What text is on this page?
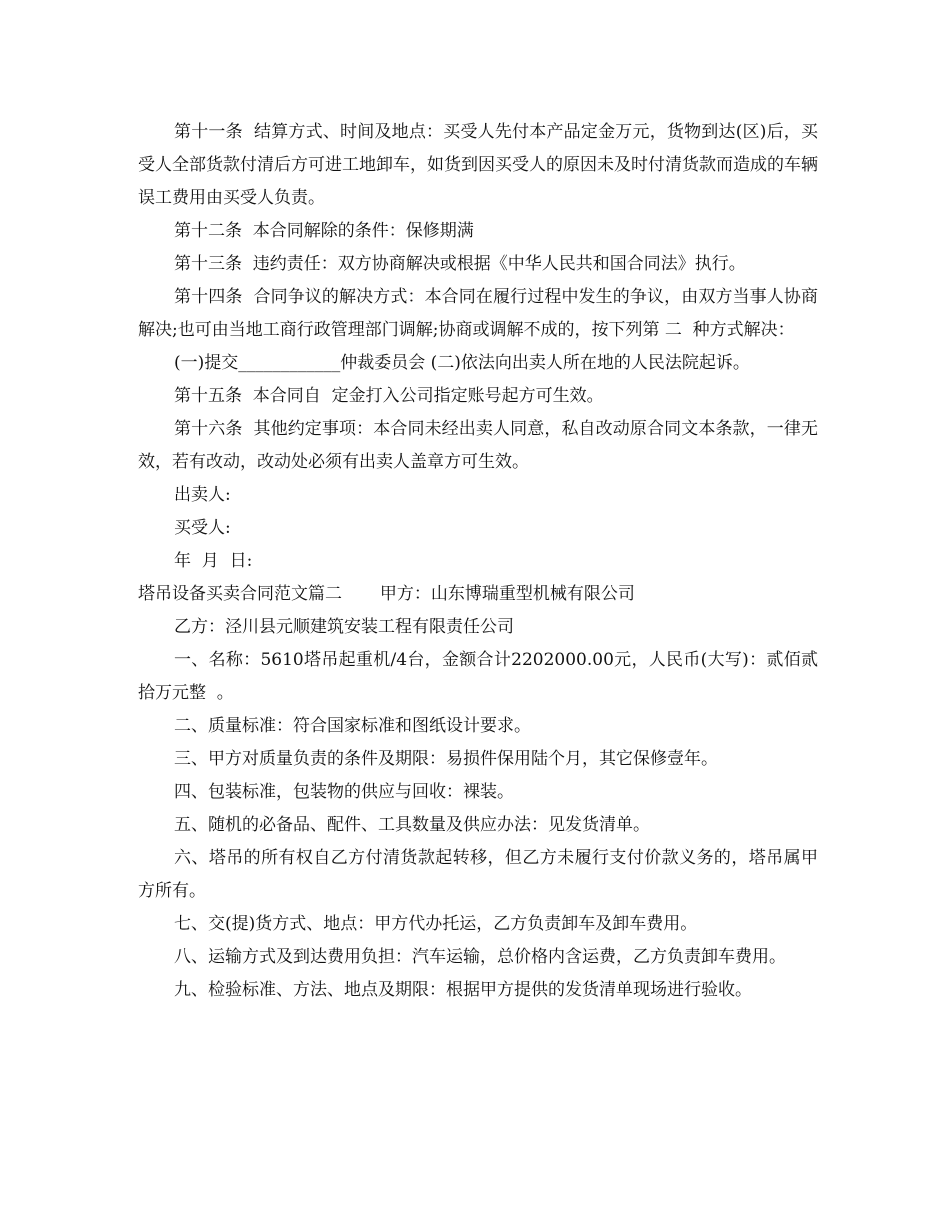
第十一条  结算方式、时间及地点：买受人先付本产品定金万元，货物到达(区)后，买受人全部货款付清后方可进工地卸车，如货到因买受人的原因未及时付清货款而造成的车辆误工费用由买受人负责。

第十二条  本合同解除的条件：保修期满

第十三条  违约责任：双方协商解决或根据《中华人民共和国合同法》执行。

第十四条  合同争议的解决方式：本合同在履行过程中发生的争议，由双方当事人协商解决;也可由当地工商行政管理部门调解;协商或调解不成的，按下列第 二  种方式解决：

(一)提交____________仲裁委员会 (二)依法向出卖人所在地的人民法院起诉。

第十五条  本合同自  定金打入公司指定账号起方可生效。

第十六条  其他约定事项：本合同未经出卖人同意，私自改动原合同文本条款，一律无效，若有改动，改动处必须有出卖人盖章方可生效。

出卖人:

买受人:

年  月  日:

塔吊设备买卖合同范文篇二       甲方：山东博瑞重型机械有限公司

乙方：泾川县元顺建筑安装工程有限责任公司

一、名称：5610塔吊起重机/4台，金额合计2202000.00元，人民币(大写)：贰佰贰拾万元整  。

二、质量标准：符合国家标准和图纸设计要求。

三、甲方对质量负责的条件及期限：易损件保用陆个月，其它保修壹年。

四、包装标准，包装物的供应与回收：裸装。

五、随机的必备品、配件、工具数量及供应办法：见发货清单。

六、塔吊的所有权自乙方付清货款起转移，但乙方未履行支付价款义务的，塔吊属甲方所有。

七、交(提)货方式、地点：甲方代办托运，乙方负责卸车及卸车费用。

八、运输方式及到达费用负担：汽车运输，总价格内含运费，乙方负责卸车费用。

九、检验标准、方法、地点及期限：根据甲方提供的发货清单现场进行验收。
